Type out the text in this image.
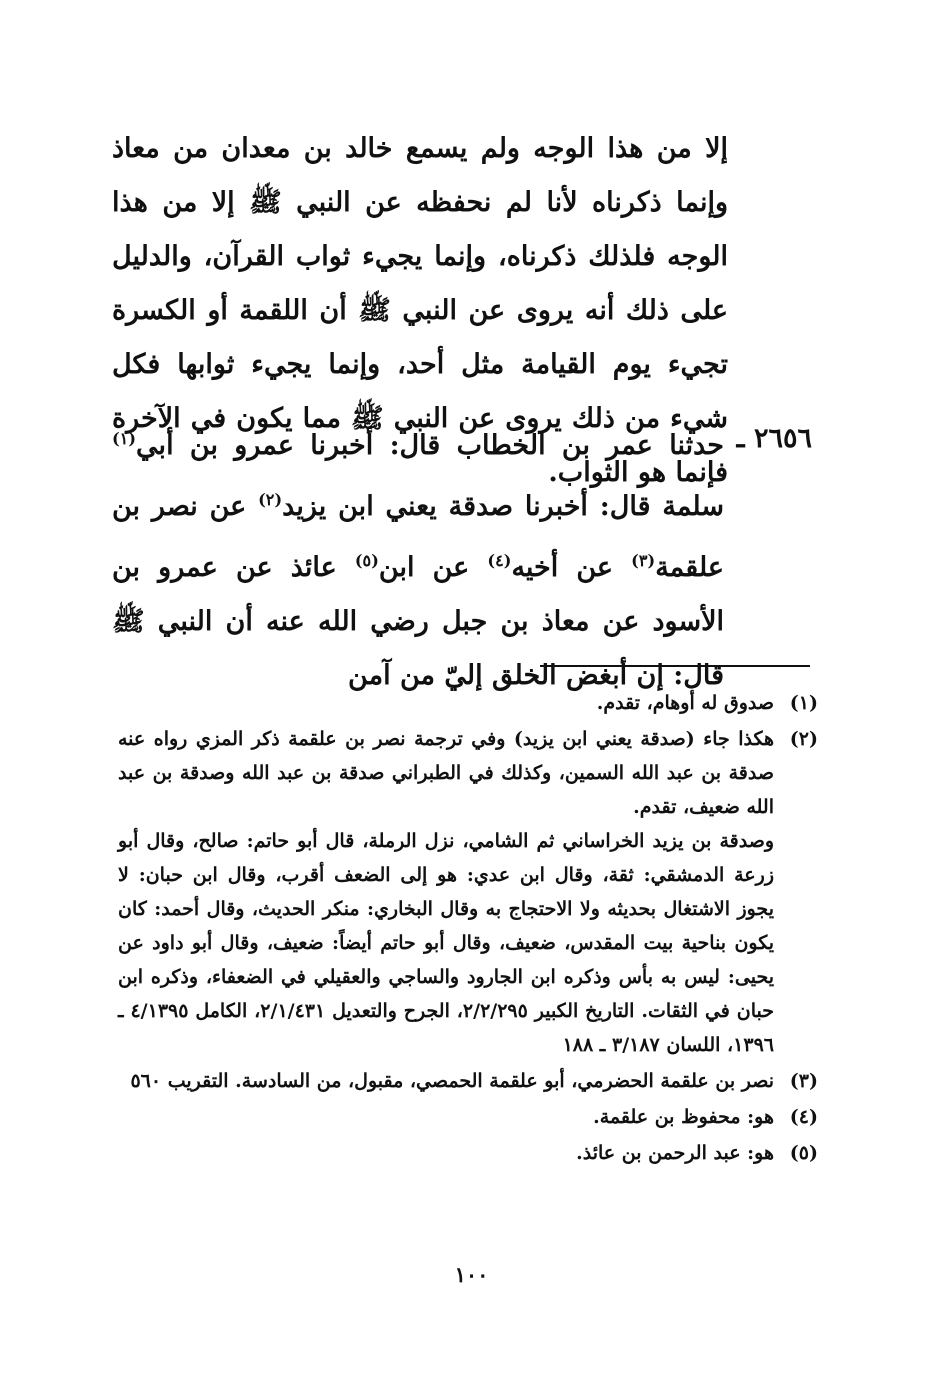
إلا من هذا الوجه ولم يسمع خالد بن معدان من معاذ وإنما ذكرناه لأنا لم نحفظه عن النبي ﷺ إلا من هذا الوجه فلذلك ذكرناه، وإنما يجيء ثواب القرآن، والدليل على ذلك أنه يروى عن النبي ﷺ أن اللقمة أو الكسرة تجيء يوم القيامة مثل أحد، وإنما يجيء ثوابها فكل شيء من ذلك يروى عن النبي ﷺ مما يكون في الآخرة فإنما هو الثواب.

٢٦٥٦ ـ
حدثنا عمر بن الخطاب قال: أخبرنا عمرو بن أبي$^{(١)}$ سلمة قال: أخبرنا صدقة يعني ابن يزيد$^{(٢)}$ عن نصر بن علقمة$^{(٣)}$ عن أخيه$^{(٤)}$ عن ابن$^{(٥)}$ عائذ عن عمرو بن الأسود عن معاذ بن جبل رضي الله عنه أن النبي ﷺ قال: إن أبغض الخلق إليّ من آمن
(١)

صدوق له أوهام، تقدم.

(٢)

هكذا جاء (صدقة يعني ابن يزيد) وفي ترجمة نصر بن علقمة ذكر المزي رواه عنه صدقة بن عبد الله السمين، وكذلك في الطبراني صدقة بن عبد الله وصدقة بن عبد الله ضعيف، تقدم.

وصدقة بن يزيد الخراساني ثم الشامي، نزل الرملة، قال أبو حاتم: صالح، وقال أبو زرعة الدمشقي: ثقة، وقال ابن عدي: هو إلى الضعف أقرب، وقال ابن حبان: لا يجوز الاشتغال بحديثه ولا الاحتجاج به وقال البخاري: منكر الحديث، وقال أحمد: كان يكون بناحية بيت المقدس، ضعيف، وقال أبو حاتم أيضاً: ضعيف، وقال أبو داود عن يحيى: ليس به بأس وذكره ابن الجارود والساجي والعقيلي في الضعفاء، وذكره ابن حبان في الثقات. التاريخ الكبير ٢/٢/٢٩٥، الجرح والتعديل ٢/١/٤٣١، الكامل ٤/١٣٩٥ ـ ١٣٩٦، اللسان ٣/١٨٧ ـ ١٨٨

(٣)

نصر بن علقمة الحضرمي، أبو علقمة الحمصي، مقبول، من السادسة. التقريب ٥٦٠

(٤)

هو: محفوظ بن علقمة.

(٥)

هو: عبد الرحمن بن عائذ.

١٠٠
